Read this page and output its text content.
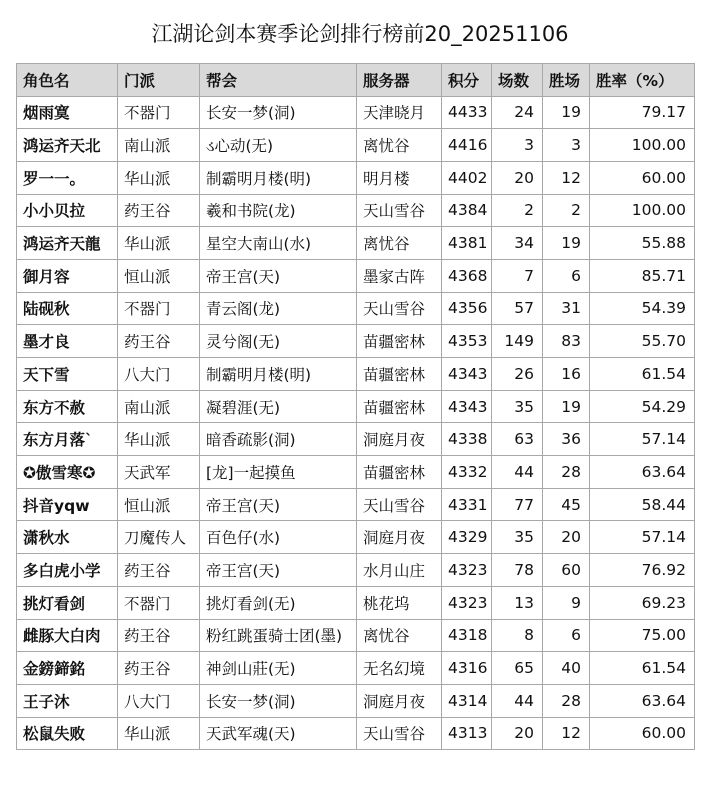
江湖论剑本赛季论剑排行榜前20_20251106
角色名	门派	帮会	服务器	积分	场数	胜场	胜率（%）
烟雨寞	不器门	长安一梦(洞)	天津晓月	4433	24	19	79.17
鸿运齐天北	南山派	ડ心动(无)	离忧谷	4416	3	3	100.00
罗一一。	华山派	制霸明月楼(明)	明月楼	4402	20	12	60.00
小小贝拉	药王谷	羲和书院(龙)	天山雪谷	4384	2	2	100.00
鸿运齐天龍	华山派	星空大南山(水)	离忧谷	4381	34	19	55.88
御月容	恒山派	帝王宫(天)	墨家古阵	4368	7	6	85.71
陆砚秋	不器门	青云阁(龙)	天山雪谷	4356	57	31	54.39
墨才良	药王谷	灵兮阁(无)	苗疆密林	4353	149	83	55.70
天下雪	八大门	制霸明月楼(明)	苗疆密林	4343	26	16	61.54
东方不赦	南山派	凝碧涯(无)	苗疆密林	4343	35	19	54.29
东方月落`	华山派	暗香疏影(洞)	洞庭月夜	4338	63	36	57.14
✪傲雪寒✪	天武军	[龙]一起摸鱼	苗疆密林	4332	44	28	63.64
抖音yqw	恒山派	帝王宫(天)	天山雪谷	4331	77	45	58.44
潇秋水	刀魔传人	百色仔(水)	洞庭月夜	4329	35	20	57.14
多白虎小学	药王谷	帝王宫(天)	水月山庄	4323	78	60	76.92
挑灯看剑	不器门	挑灯看剑(无)	桃花坞	4323	13	9	69.23
雌豚大白肉	药王谷	粉红跳蛋骑士团(墨)	离忧谷	4318	8	6	75.00
金鎊鍗銘	药王谷	神剑山莊(无)	无名幻境	4316	65	40	61.54
王子沐	八大门	长安一梦(洞)	洞庭月夜	4314	44	28	63.64
松鼠失败	华山派	天武军魂(天)	天山雪谷	4313	20	12	60.00
